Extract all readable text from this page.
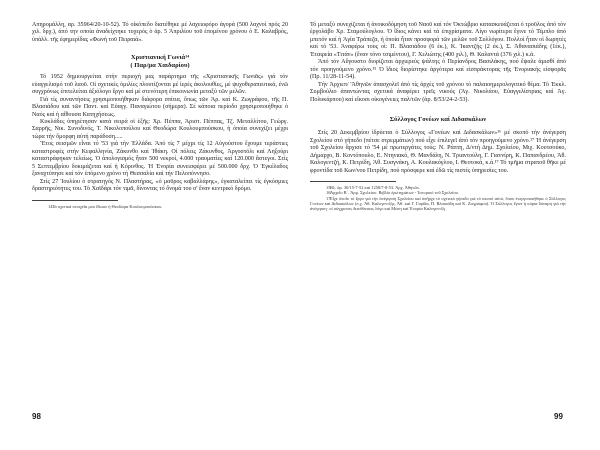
Απηρομάλλη, αρ. 35964/20-10-52). Τό οἰκόπεδο διατέθηκε μέ λαχειοφόρο άγορά (500 λαχνοί πρός 20 χιλ. δρχ.), άπό την οποία ἀναδείχτηκε τυχερός ὁ ἀρ. 5 Ἀπριλίου τοῦ ἐπομένου χρόνου ὁ Ε. Καλαβρός, ὑπάλλ. τῆς ἐφημερίδας «Φωνή τοῦ Πειραιά».

Χριστιανική Γωνιά¹⁴
( Παρ/μα Χαιδαρίου)

Τό 1952 δημιουργείται στήν περιοχή μας παράρτημα τῆς «Χριστιανικῆς Γωνιᾶς» γιά τόν εὐαγγελισμό τοῦ λαοῦ. Οἱ σχετικές ὁμιλίες πλουτίζονται μέ ἱερές ἀκολουθίες, μέ ψυχοθεραπευτικά, ἐνῶ συγχρόνως ἐπιτελείται ἀξιόλογο ἔργο καί μέ στενότερη ἐπικοινωνία μεταξύ τῶν μελῶν.

Γιά τίς συναντήσεις χρησιμοποιήθηκαν διάφορα σπίτια, ὅπως τῶν Ἀρ. καί Κ. Ζωγράφου, τῆς Π. Βλασιάδου καί τῶν Παντ. καί Εὐαγγ. Παναγιώτου (σήμερα). Σέ κάποια περίοδο χρησιμοποιήθηκε ὁ Ναός καί ἡ αἴθουσα Κατηχήσεως.

Κυκλάδες ὑπηρέτησαν κατά σειρά οἱ ἑξῆς: Χρ. Πέππα, Ἀριστ. Πέππας, Τζ. Μεταλλίτου, Γεώργ. Σαρρῆς, Νικ. Συνοδινός, Τ. Νικολοπούλου καί Θεοδώρα Κουλουμπούσκου, ἡ ὁποία συνεχίζει μέχρι τώρα τήν ὄμορφη αὐτή παράδοση.....

Ἔτος σεισμῶν εἶναι τό '53 γιά τήν Ἑλλάδα. Ἀπό τίς 7 μέχρι τίς 12 Αὐγούστου ἔχουμε τεράστιες καταστροφές στήν Κεφαλληνία, Ζάκυνθο καί Ἰθάκη. Οἱ πόλεις Ζάκυνθος, Ἀργοστόλι καί Ληξούρι καταστράφηκαν τελείως. Ὁ ἀπολογισμός ἦταν 500 νεκροί, 4.000 τραυματίες καί 120.000 ἄστεγοι. Στίς 5 Σεπτεμβρίου δοκιμάζεται καί ἡ Κόρινθος. Ἡ Ἑνορία συνεισφέρει μέ 500.000 δρχ. Ὁ Ἐγκέλαδος ξαναχτύπησε καί τόν ἑπόμενο χρόνο τή Θεσσαλία καί τήν Πελοπόννησο.

Στίς 27 Ἰουλίου ὁ στρατηγός Ν. Πλαστήρας, «ὁ μαῦρος καβαλλάρης», ἐγκαταλείπει τίς ἐγκόσμιες δραστηριότητες του. Τό Χαϊδάρι τόν τιμᾶ, δίνοντας τό ὄνομά του σ' ἕναν κεντρικό δρόμο.

14.Τά σχετικά στοιχεῖα μου ἔδωσε ἡ Θεοδώρα Κουλουμπούσκου.

98

Τό μεταξύ συνεχίζεται ἡ ἀνοικοδόμηση τοῦ Ναοῦ καί τόν Ὀκτώβριο κατασκευάζεται ὁ τροῦλος ἀπό τόν ἐργολάβο Χρ. Σταμούλογλου. Ὁ ἴδιος κάνει καί τά ἐπιχρίσματα. Λίγο νωρίτερα ἔγινε τό Τέμπλο ἀπό μπετόν καί ἡ Ἁγία Τράπεζα, ἡ ὁποία ἦταν προσφορά τῶν μελῶν τοῦ Συλλόγου. Πολλοί ἦταν οἱ δωρητές καί τό '53. Ἀναφέρω τους οἱ: Π. Βλασιάδου (6 ἐκ.), Κ. Ἰκαντζής (2 ἐκ.), Σ. Ἀθανασιάδης (1ἐκ.), Ἑταιρεία «Τιτάν» (ἕναν τόνο τσιμέντου), Γ. Χελιώτης (400 χιλ.), Θ. Καλαντά (376 χιλ.) κ.ά.

Ἀπό τόν Αὔγουστο διορίζεται ἀρχιερεύς ψάλτης ὁ Περίανδρος Βασιλάκης, πού ἔψαλε ἀμισθί ἀπό τόν προηγούμενο χρόνο.¹⁵ Ὁ ἴδιος διορίστηκε ἀργότερα καί εἰσπράκτορας τῆς Ἐνοριακής εἰσφορᾶς (Πρ. 11/28-11-54).

Τήν Ἀρχιεπ/ 'Ἀθηνῶν ἀπασχολεῖ ἀπό τίς ἀρχές τοῦ χρόνου τό παλαιοημερολογιτικό θέμα. Τό Ἐκκλ. Συμβούλιο ἀπαντώντας σχετικά ἀναφέρει τρεῖς νικούς (Ἁγ. Νικολάου, Εὐαγγελίστριας καί Ἁγ. Πολυκάρπου) καί εἴκοσι οἰκογένειες παλ/τῶν (ἀρ. 8/53/24-2-53).

Σύλλογος Γονέων καί Διδασκάλων

Στίς 20 Δεκεμβρίου ἱδρύεται ὁ Σύλλογος «Γονέων καί Διδασκάλων»¹⁶ μέ σκοπό τήν ἀνέγερση Σχολείου στό γήπεδο (πέτσε στρεμμάτων) πού εἶχε ἐπιλεγεῖ ἀπό τόν προηγούμενο χρόνο.¹⁷ Ἡ ἀνέγερση τοῦ Σχολείου ἄρχισε τό '54 μέ πρωτεργάτες τούς: Ν. Ράπτη, Δ/ντή Δημ. Σχολείου, Μιχ. Κουτσούκο, Δήμαρχο, Β. Κοντόπουλο, Ε. Ντηνιακό, Θ. Μανδάλη, Ν. Τριαντούλη, Γ. Γιαννίρη, Κ. Παπανδρέου, Ἀθ. Καλογεντζή, Κ. Πετρίδη, Ἀθ. Συσγνάκη, Α. Κουλακόγλου, Ι. Θεοτοκά, κ.ά.¹⁷ Τό τμῆμα στρατοῦ θῆκε μέ φροντίδα τοῦ Κων/νου Πετρίδη, πού πρόσφερε καί ἐδῶ τίς πιστές ὑπηρεσίες του.

15.Βλ. ἀρ. 30/15-7-52 καί 1258/7-8-53. Ἀρχ. Ἀθηνῶν.

16.Ἀρχεῖο Β΄. Ἀρμ. Σχολείου. Βιβλίο ἐρωτημάτων - Ἱστορικό τοῦ Σχολείου.

17.Εἶχε ὁποῖο τό ἔργο γιά τήν ἀνέγερση Σχολείου καί ὑπῆρχε τό σχετικό γήπεδο γιά τό σκοπό αὐτό, ὅπου ἐνεργοποιήθηκε ὁ Σύλλογος Γονέων καί Διδασκάλων (π.χ. Ἀθ. Καλογεντζής, Ἀθ. καί Γ. Γαρίδα, Π. Βλασιάδη καί Κ. Ζωγράφου). Ὁ Σύλλογος ἔγινε ἡ κύρια δύναμη γιά τήν ἀνέγερση· οἱ σύγχρονες διευθύνσεις λόγο καί Μέση καί Ἑνορία Καλογεντζή.

99
